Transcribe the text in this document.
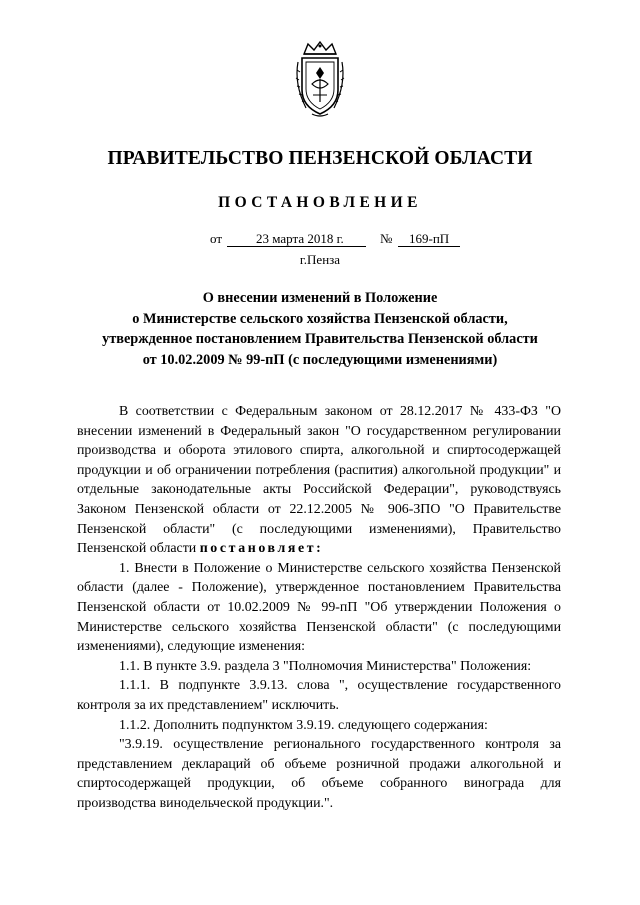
ПРАВИТЕЛЬСТВО ПЕНЗЕНСКОЙ ОБЛАСТИ
ПОСТАНОВЛЕНИЕ
от	23 марта 2018 г.	№ 169-пП
г.Пенза
О внесении изменений в Положение
о Министерстве сельского хозяйства Пензенской области,
утвержденное постановлением Правительства Пензенской области
от 10.02.2009 № 99-пП (с последующими изменениями)

В соответствии с Федеральным законом от 28.12.2017 № 433-ФЗ "О внесении изменений в Федеральный закон "О государственном регулировании производства и оборота этилового спирта, алкогольной и спиртосодержащей продукции и об ограничении потребления (распития) алкогольной продукции" и отдельные законодательные акты Российской Федерации", руководствуясь Законом Пензенской области от 22.12.2005 № 906-ЗПО "О Правительстве Пензенской области" (с последующими изменениями), Правительство Пензенской области постановляет:

1. Внести в Положение о Министерстве сельского хозяйства Пензенской области (далее - Положение), утвержденное постановлением Правительства Пензенской области от 10.02.2009 № 99-пП "Об утверждении Положения о Министерстве сельского хозяйства Пензенской области" (с последующими изменениями), следующие изменения:

1.1. В пункте 3.9. раздела 3 "Полномочия Министерства" Положения:

1.1.1. В подпункте 3.9.13. слова ", осуществление государственного контроля за их представлением" исключить.

1.1.2. Дополнить подпунктом 3.9.19. следующего содержания:

"3.9.19. осуществление регионального государственного контроля за представлением деклараций об объеме розничной продажи алкогольной и спиртосодержащей продукции, об объеме собранного винограда для производства винодельческой продукции.".
